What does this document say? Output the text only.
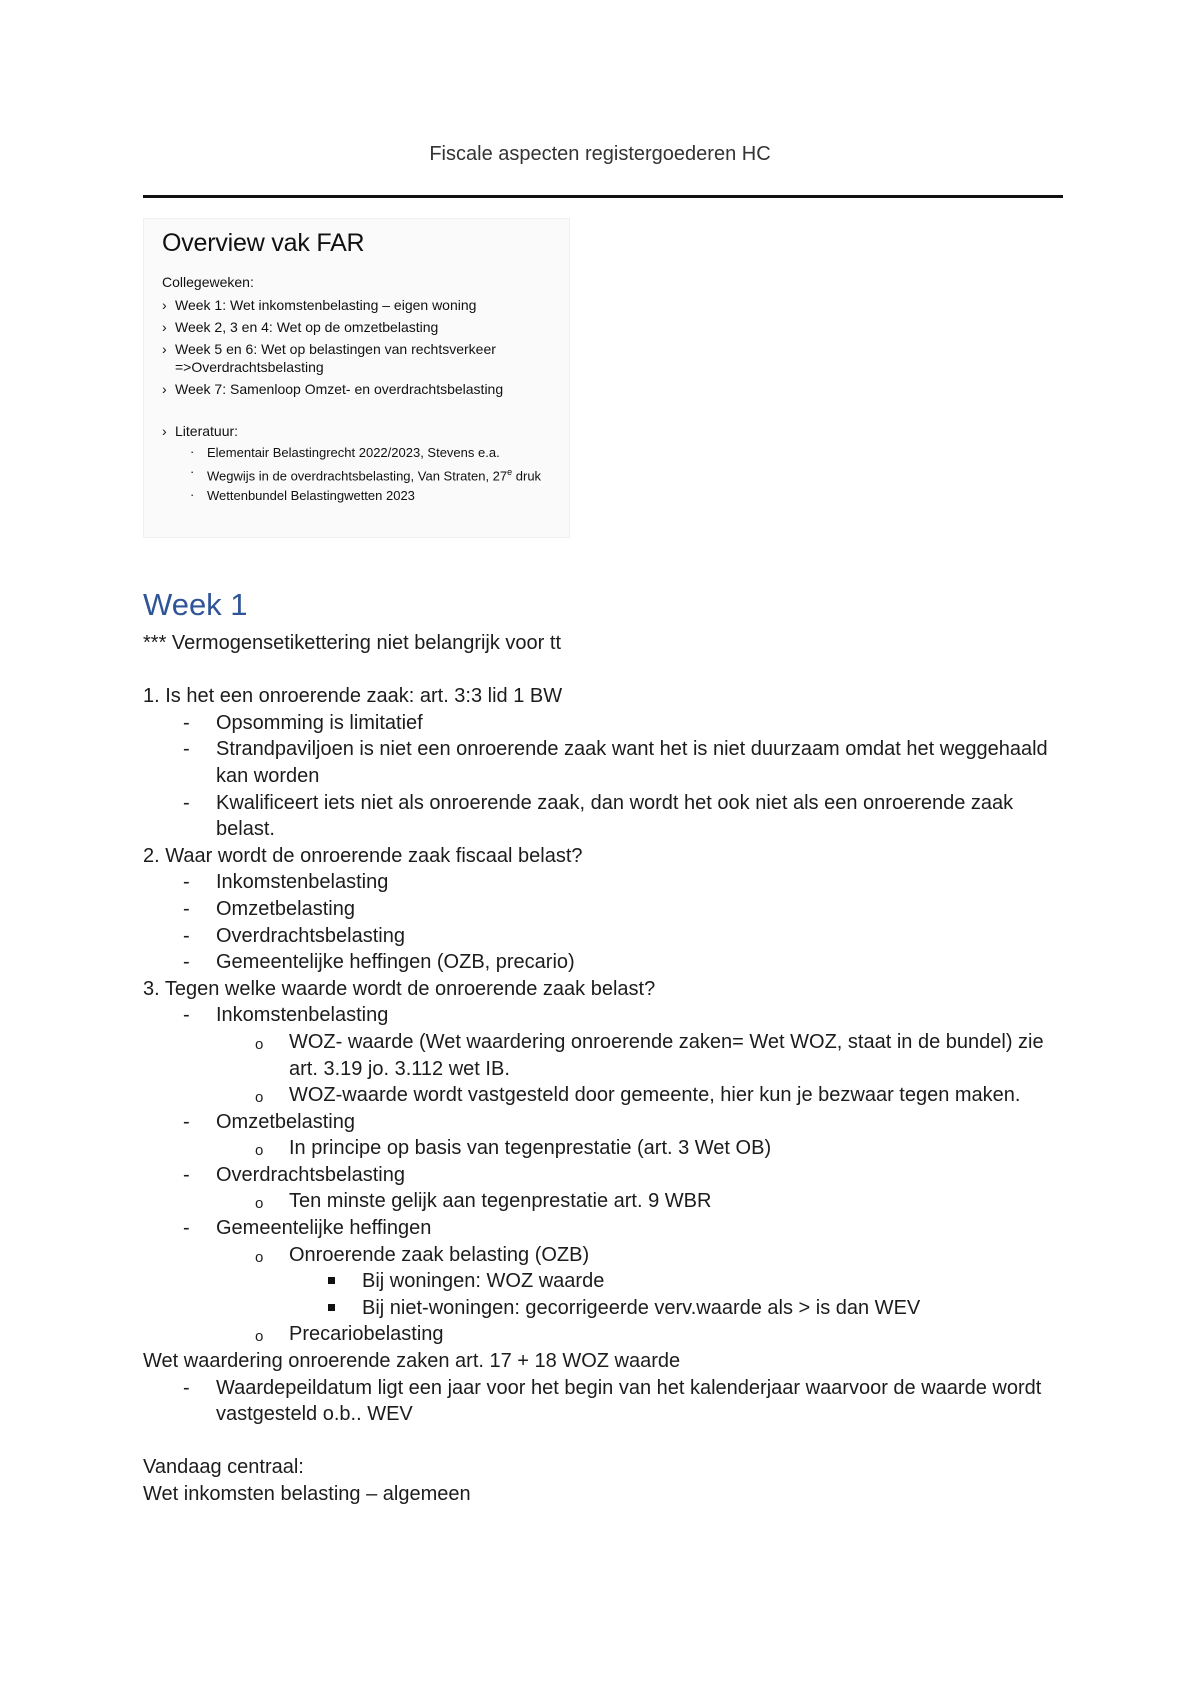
Fiscale aspecten registergoederen HC
Overview vak FAR
Collegeweken:
› Week 1: Wet inkomstenbelasting – eigen woning
› Week 2, 3 en 4: Wet op de omzetbelasting
› Week 5 en 6: Wet op belastingen van rechtsverkeer
=>Overdrachtsbelasting
› Week 7: Samenloop Omzet- en overdrachtsbelasting
› Literatuur:
· Elementair Belastingrecht 2022/2023, Stevens e.a.
· Wegwijs in de overdrachtsbelasting, Van Straten, 27e druk
· Wettenbundel Belastingwetten 2023
Week 1
*** Vermogensetikettering niet belangrijk voor tt
1. Is het een onroerende zaak: art. 3:3 lid 1 BW
- Opsomming is limitatief
- Strandpaviljoen is niet een onroerende zaak want het is niet duurzaam omdat het weggehaald kan worden
- Kwalificeert iets niet als onroerende zaak, dan wordt het ook niet als een onroerende zaak belast.
2. Waar wordt de onroerende zaak fiscaal belast?
- Inkomstenbelasting
- Omzetbelasting
- Overdrachtsbelasting
- Gemeentelijke heffingen (OZB, precario)
3. Tegen welke waarde wordt de onroerende zaak belast?
- Inkomstenbelasting
o WOZ- waarde (Wet waardering onroerende zaken= Wet WOZ, staat in de bundel) zie art. 3.19 jo. 3.112 wet IB.
o WOZ-waarde wordt vastgesteld door gemeente, hier kun je bezwaar tegen maken.
- Omzetbelasting
o In principe op basis van tegenprestatie (art. 3 Wet OB)
- Overdrachtsbelasting
o Ten minste gelijk aan tegenprestatie art. 9 WBR
- Gemeentelijke heffingen
o Onroerende zaak belasting (OZB)
Bij woningen: WOZ waarde
Bij niet-woningen: gecorrigeerde verv.waarde als > is dan WEV
o Precariobelasting
Wet waardering onroerende zaken art. 17 + 18 WOZ waarde
- Waardepeildatum ligt een jaar voor het begin van het kalenderjaar waarvoor de waarde wordt vastgesteld o.b.. WEV
Vandaag centraal:
Wet inkomsten belasting – algemeen
